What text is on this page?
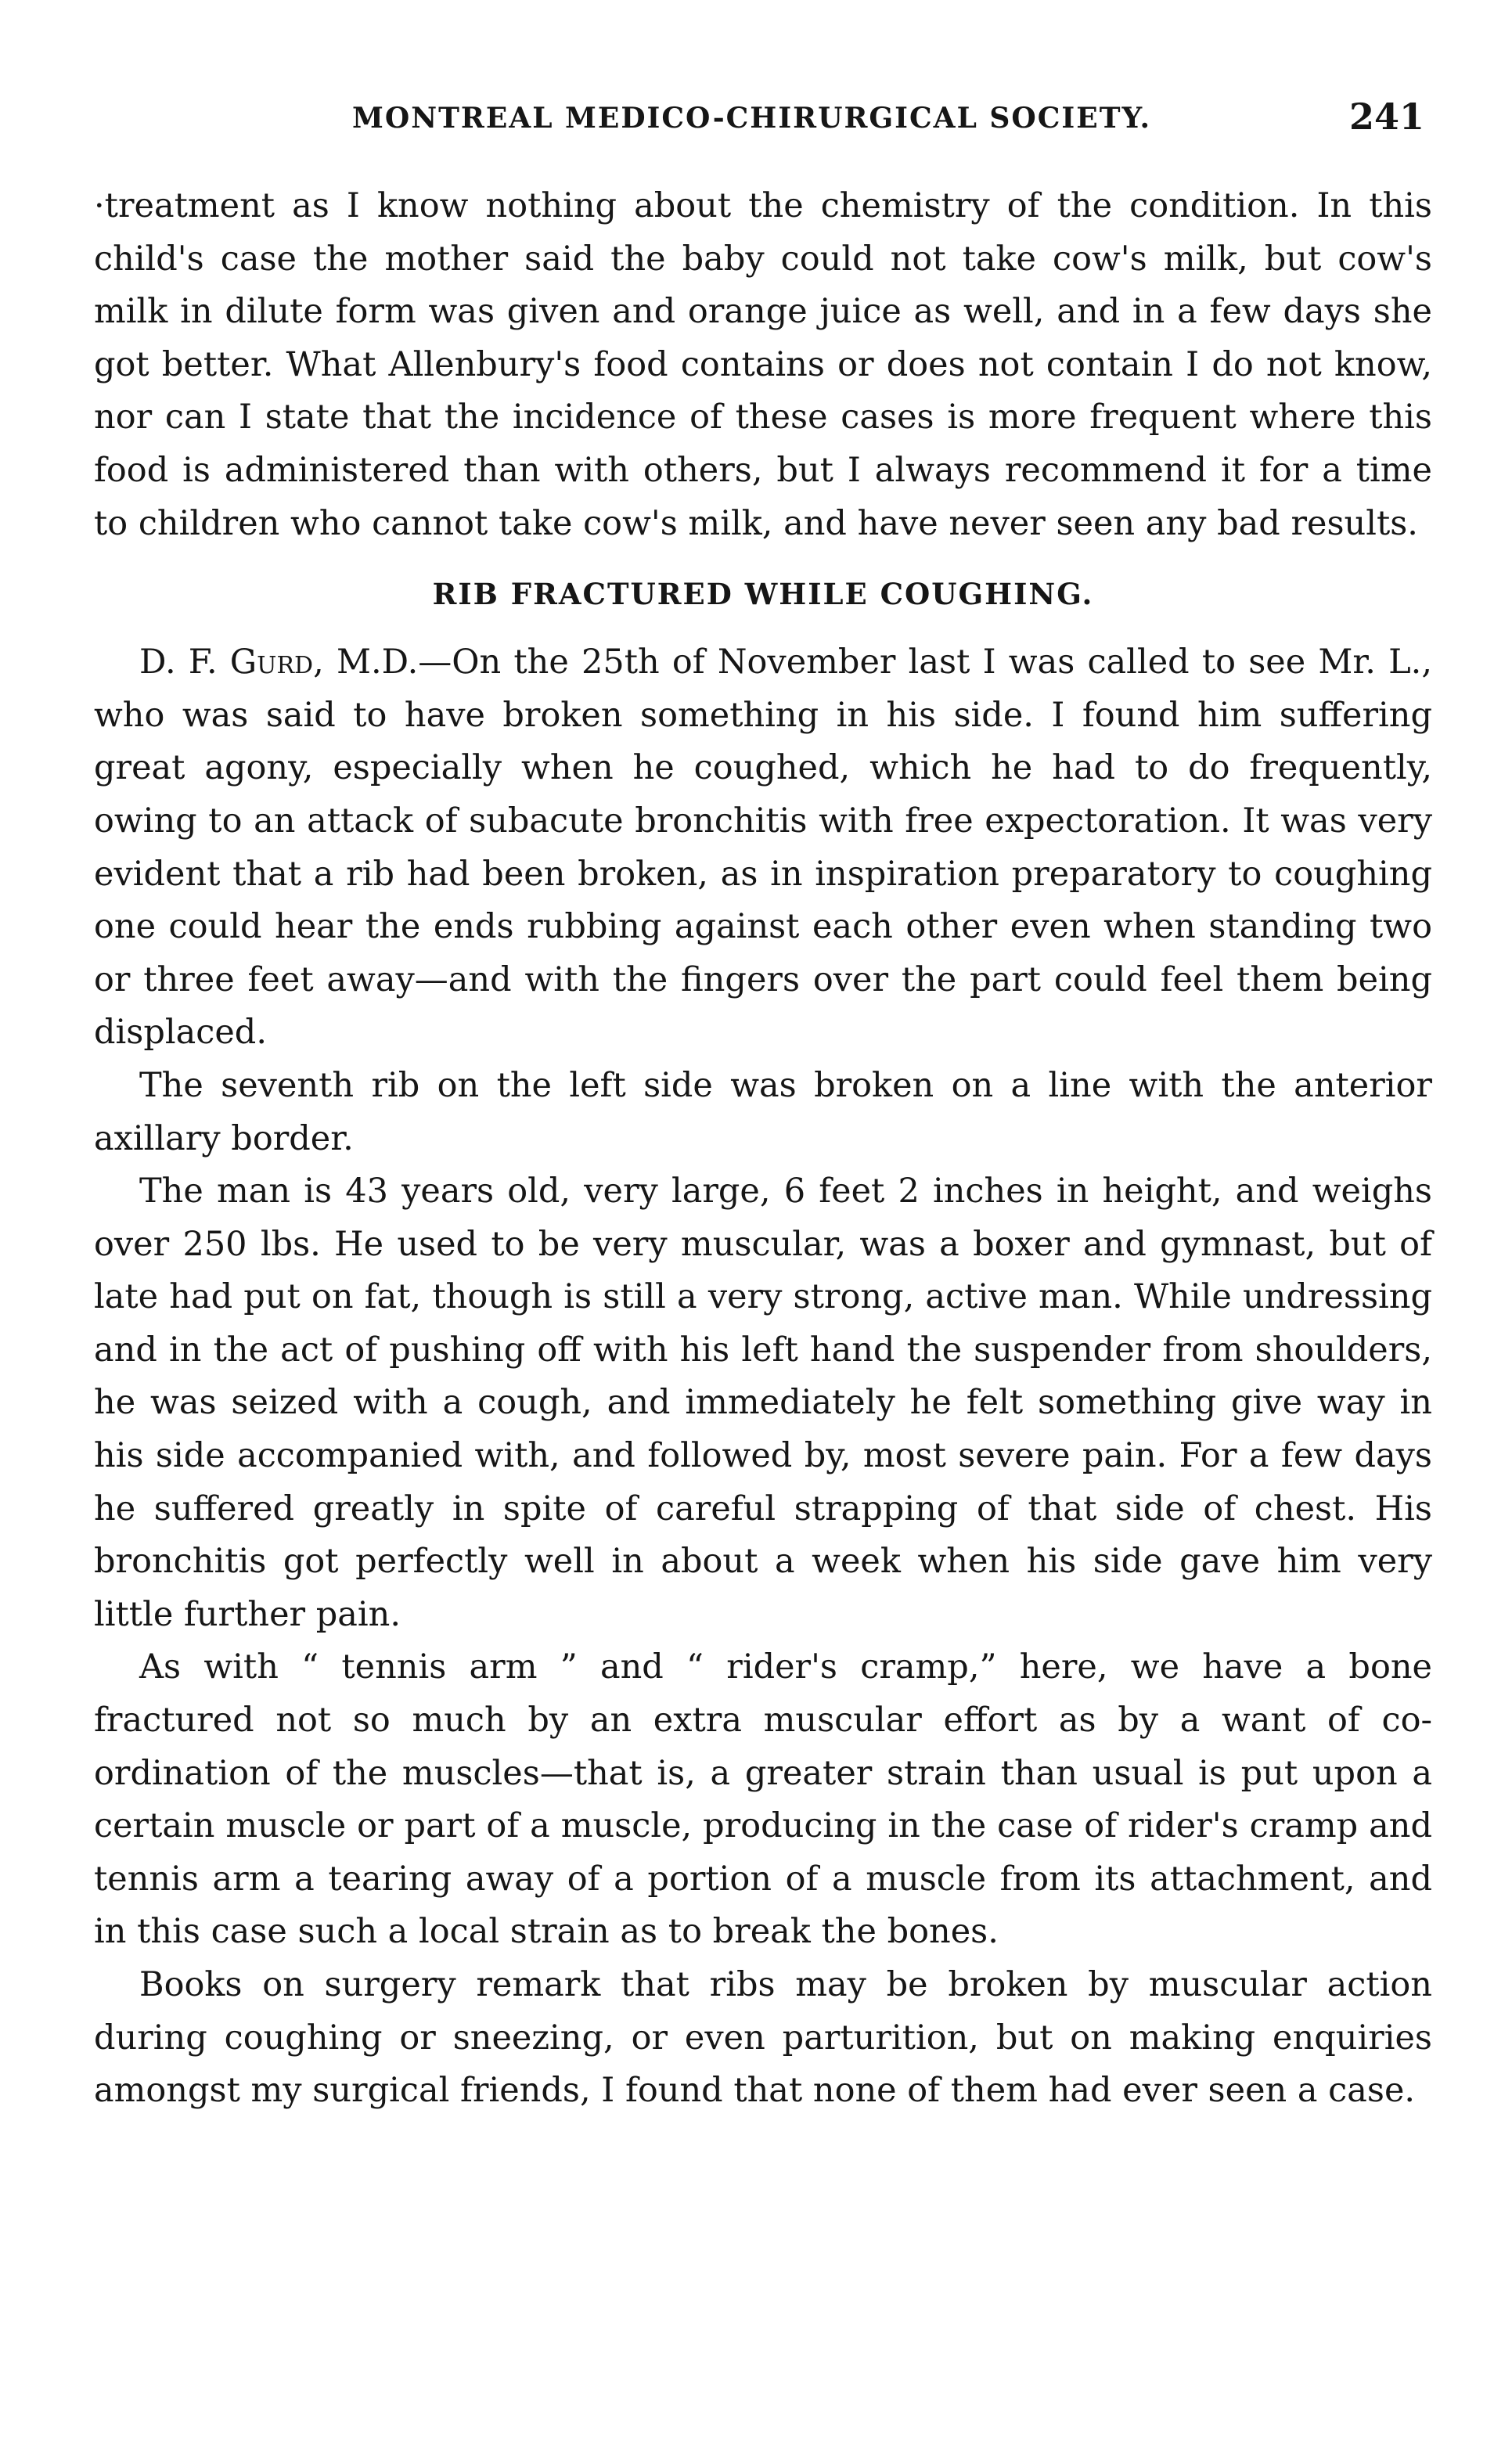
MONTREAL MEDICO-CHIRURGICAL SOCIETY.	241

·treatment as I know nothing about the chemistry of the condition. In this child's case the mother said the baby could not take cow's milk, but cow's milk in dilute form was given and orange juice as well, and in a few days she got better. What Allenbury's food contains or does not contain I do not know, nor can I state that the incidence of these cases is more frequent where this food is administered than with others, but I always recommend it for a time to children who cannot take cow's milk, and have never seen any bad results.

RIB FRACTURED WHILE COUGHING.

D. F. Gurd, M.D.—On the 25th of November last I was called to see Mr. L., who was said to have broken something in his side. I found him suffering great agony, especially when he coughed, which he had to do frequently, owing to an attack of subacute bronchitis with free expectoration. It was very evident that a rib had been broken, as in inspiration preparatory to coughing one could hear the ends rubbing against each other even when standing two or three feet away—and with the fingers over the part could feel them being displaced.

The seventh rib on the left side was broken on a line with the anterior axillary border.

The man is 43 years old, very large, 6 feet 2 inches in height, and weighs over 250 lbs. He used to be very muscular, was a boxer and gymnast, but of late had put on fat, though is still a very strong, active man. While undressing and in the act of pushing off with his left hand the suspender from shoulders, he was seized with a cough, and immediately he felt something give way in his side accompanied with, and followed by, most severe pain. For a few days he suffered greatly in spite of careful strapping of that side of chest. His bronchitis got perfectly well in about a week when his side gave him very little further pain.

As with “ tennis arm ” and “ rider's cramp,” here, we have a bone fractured not so much by an extra muscular effort as by a want of co-ordination of the muscles—that is, a greater strain than usual is put upon a certain muscle or part of a muscle, producing in the case of rider's cramp and tennis arm a tearing away of a portion of a muscle from its attachment, and in this case such a local strain as to break the bones.

Books on surgery remark that ribs may be broken by muscular action during coughing or sneezing, or even parturition, but on making enquiries amongst my surgical friends, I found that none of them had ever seen a case.
